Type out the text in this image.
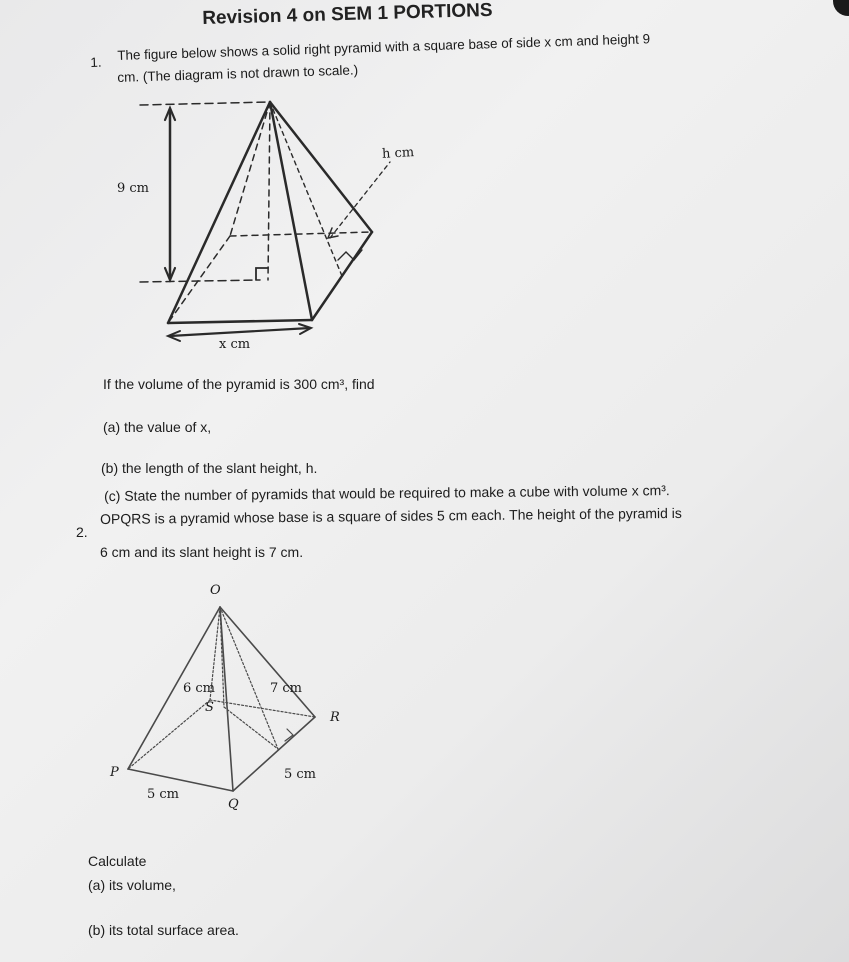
Revision 4 on SEM 1 PORTIONS
1. The figure below shows a solid right pyramid with a square base of side x cm and height 9
cm. (The diagram is not drawn to scale.)
9 cm
h cm
x cm
If the volume of the pyramid is 300 cm³, find
(a) the value of x,
(b) the length of the slant height, h.
(c) State the number of pyramids that would be required to make a cube with volume x cm³.
2.
OPQRS is a pyramid whose base is a square of sides 5 cm each. The height of the pyramid is
6 cm and its slant height is 7 cm.
O
P
Q
R
S
6 cm	7 cm
5 cm
5 cm
Calculate
(a) its volume,
(b) its total surface area.
